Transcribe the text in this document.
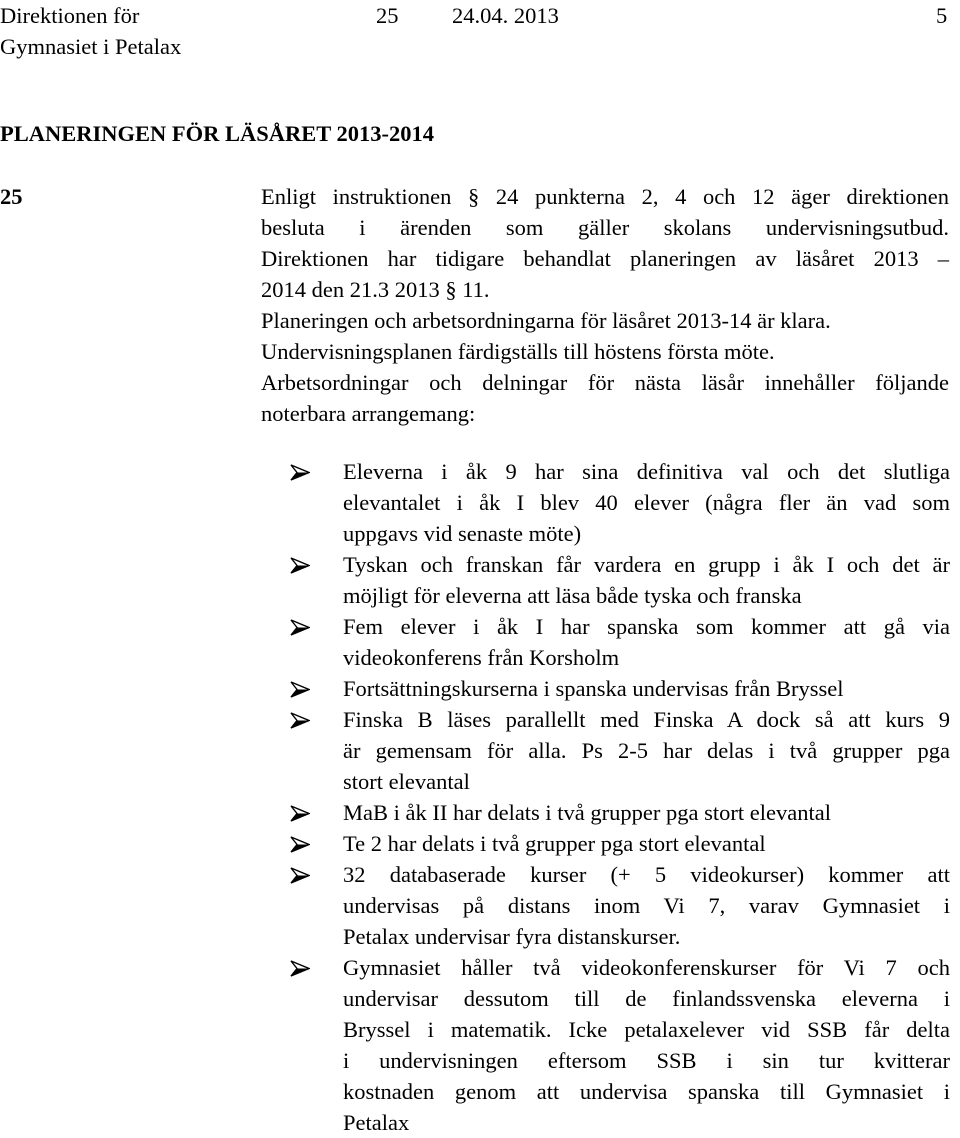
Direktionen för
Gymnasiet i Petalax
25 24.04. 2013	5
PLANERINGEN FÖR LÄSÅRET 2013-2014
25	Enligt instruktionen § 24 punkterna 2, 4 och 12 äger direktionen
besluta i ärenden som gäller skolans undervisningsutbud.
Direktionen har tidigare behandlat planeringen av läsåret 2013 –
2014 den 21.3 2013 § 11.
Planeringen och arbetsordningarna för läsåret 2013-14 är klara.
Undervisningsplanen färdigställs till höstens första möte.
Arbetsordningar och delningar för nästa läsår innehåller följande
noterbara arrangemang:
Eleverna i åk 9 har sina definitiva val och det slutliga
elevantalet i åk I blev 40 elever (några fler än vad som
uppgavs vid senaste möte)
Tyskan och franskan får vardera en grupp i åk I och det är
möjligt för eleverna att läsa både tyska och franska
Fem elever i åk I har spanska som kommer att gå via
videokonferens från Korsholm
Fortsättningskurserna i spanska undervisas från Bryssel
Finska B läses parallellt med Finska A dock så att kurs 9
är gemensam för alla. Ps 2-5 har delas i två grupper pga
stort elevantal
MaB i åk II har delats i två grupper pga stort elevantal
Te 2 har delats i två grupper pga stort elevantal
32 databaserade kurser (+ 5 videokurser) kommer att
undervisas på distans inom Vi 7, varav Gymnasiet i
Petalax undervisar fyra distanskurser.
Gymnasiet håller två videokonferenskurser för Vi 7 och
undervisar dessutom till de finlandssvenska eleverna i
Bryssel i matematik. Icke petalaxelever vid SSB får delta
i undervisningen eftersom SSB i sin tur kvitterar
kostnaden genom att undervisa spanska till Gymnasiet i
Petalax
